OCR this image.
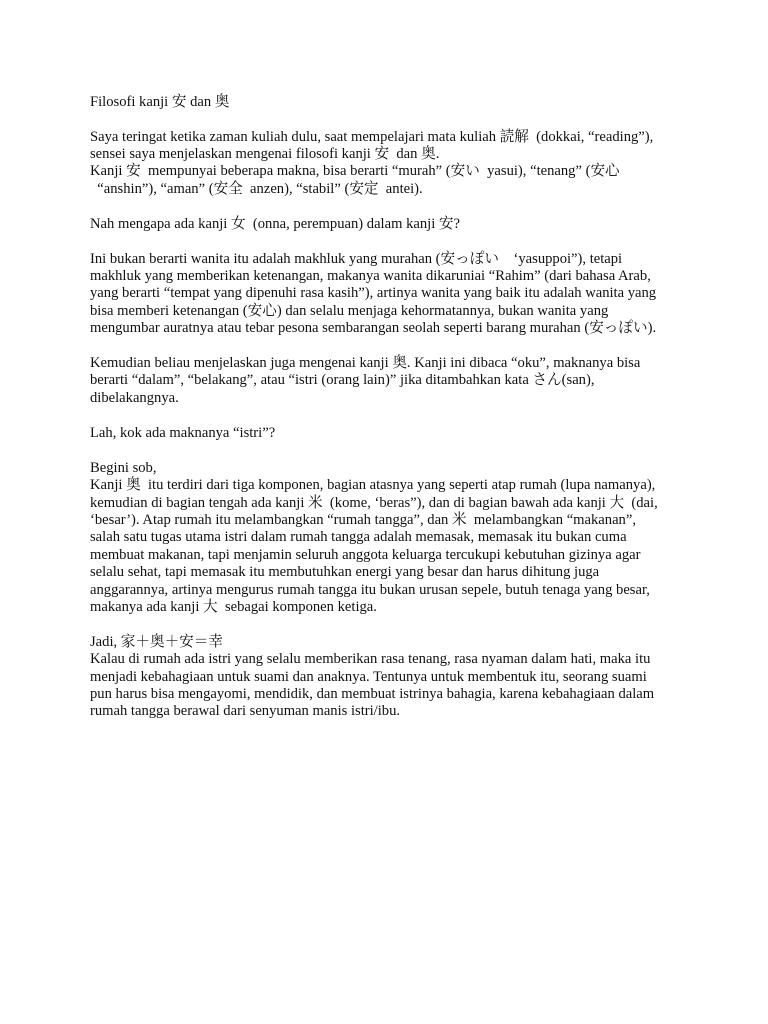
Filosofi kanji 安 dan 奥
Saya teringat ketika zaman kuliah dulu, saat mempelajari mata kuliah 読解  (dokkai, “reading”),
sensei saya menjelaskan mengenai filosofi kanji 安  dan 奥.
Kanji 安  mempunyai beberapa makna, bisa berarti “murah” (安い  yasui), “tenang” (安心
“anshin”), “aman” (安全  anzen), “stabil” (安定  antei).
Nah mengapa ada kanji 女  (onna, perempuan) dalam kanji 安?
Ini bukan berarti wanita itu adalah makhluk yang murahan (安っぽい    ‘yasuppoi”), tetapi
makhluk yang memberikan ketenangan, makanya wanita dikaruniai “Rahim” (dari bahasa Arab,
yang berarti “tempat yang dipenuhi rasa kasih”), artinya wanita yang baik itu adalah wanita yang
bisa memberi ketenangan (安心) dan selalu menjaga kehormatannya, bukan wanita yang
mengumbar auratnya atau tebar pesona sembarangan seolah seperti barang murahan (安っぽい).
Kemudian beliau menjelaskan juga mengenai kanji 奥. Kanji ini dibaca “oku”, maknanya bisa
berarti “dalam”, “belakang”, atau “istri (orang lain)” jika ditambahkan kata さん(san),
dibelakangnya.
Lah, kok ada maknanya “istri”?
Begini sob,
Kanji 奥  itu terdiri dari tiga komponen, bagian atasnya yang seperti atap rumah (lupa namanya),
kemudian di bagian tengah ada kanji 米  (kome, ‘beras”), dan di bagian bawah ada kanji 大  (dai,
‘besar’). Atap rumah itu melambangkan “rumah tangga”, dan 米  melambangkan “makanan”,
salah satu tugas utama istri dalam rumah tangga adalah memasak, memasak itu bukan cuma
membuat makanan, tapi menjamin seluruh anggota keluarga tercukupi kebutuhan gizinya agar
selalu sehat, tapi memasak itu membutuhkan energi yang besar dan harus dihitung juga
anggarannya, artinya mengurus rumah tangga itu bukan urusan sepele, butuh tenaga yang besar,
makanya ada kanji 大  sebagai komponen ketiga.
Jadi, 家＋奥＋安＝幸
Kalau di rumah ada istri yang selalu memberikan rasa tenang, rasa nyaman dalam hati, maka itu
menjadi kebahagiaan untuk suami dan anaknya. Tentunya untuk membentuk itu, seorang suami
pun harus bisa mengayomi, mendidik, dan membuat istrinya bahagia, karena kebahagiaan dalam
rumah tangga berawal dari senyuman manis istri/ibu.
